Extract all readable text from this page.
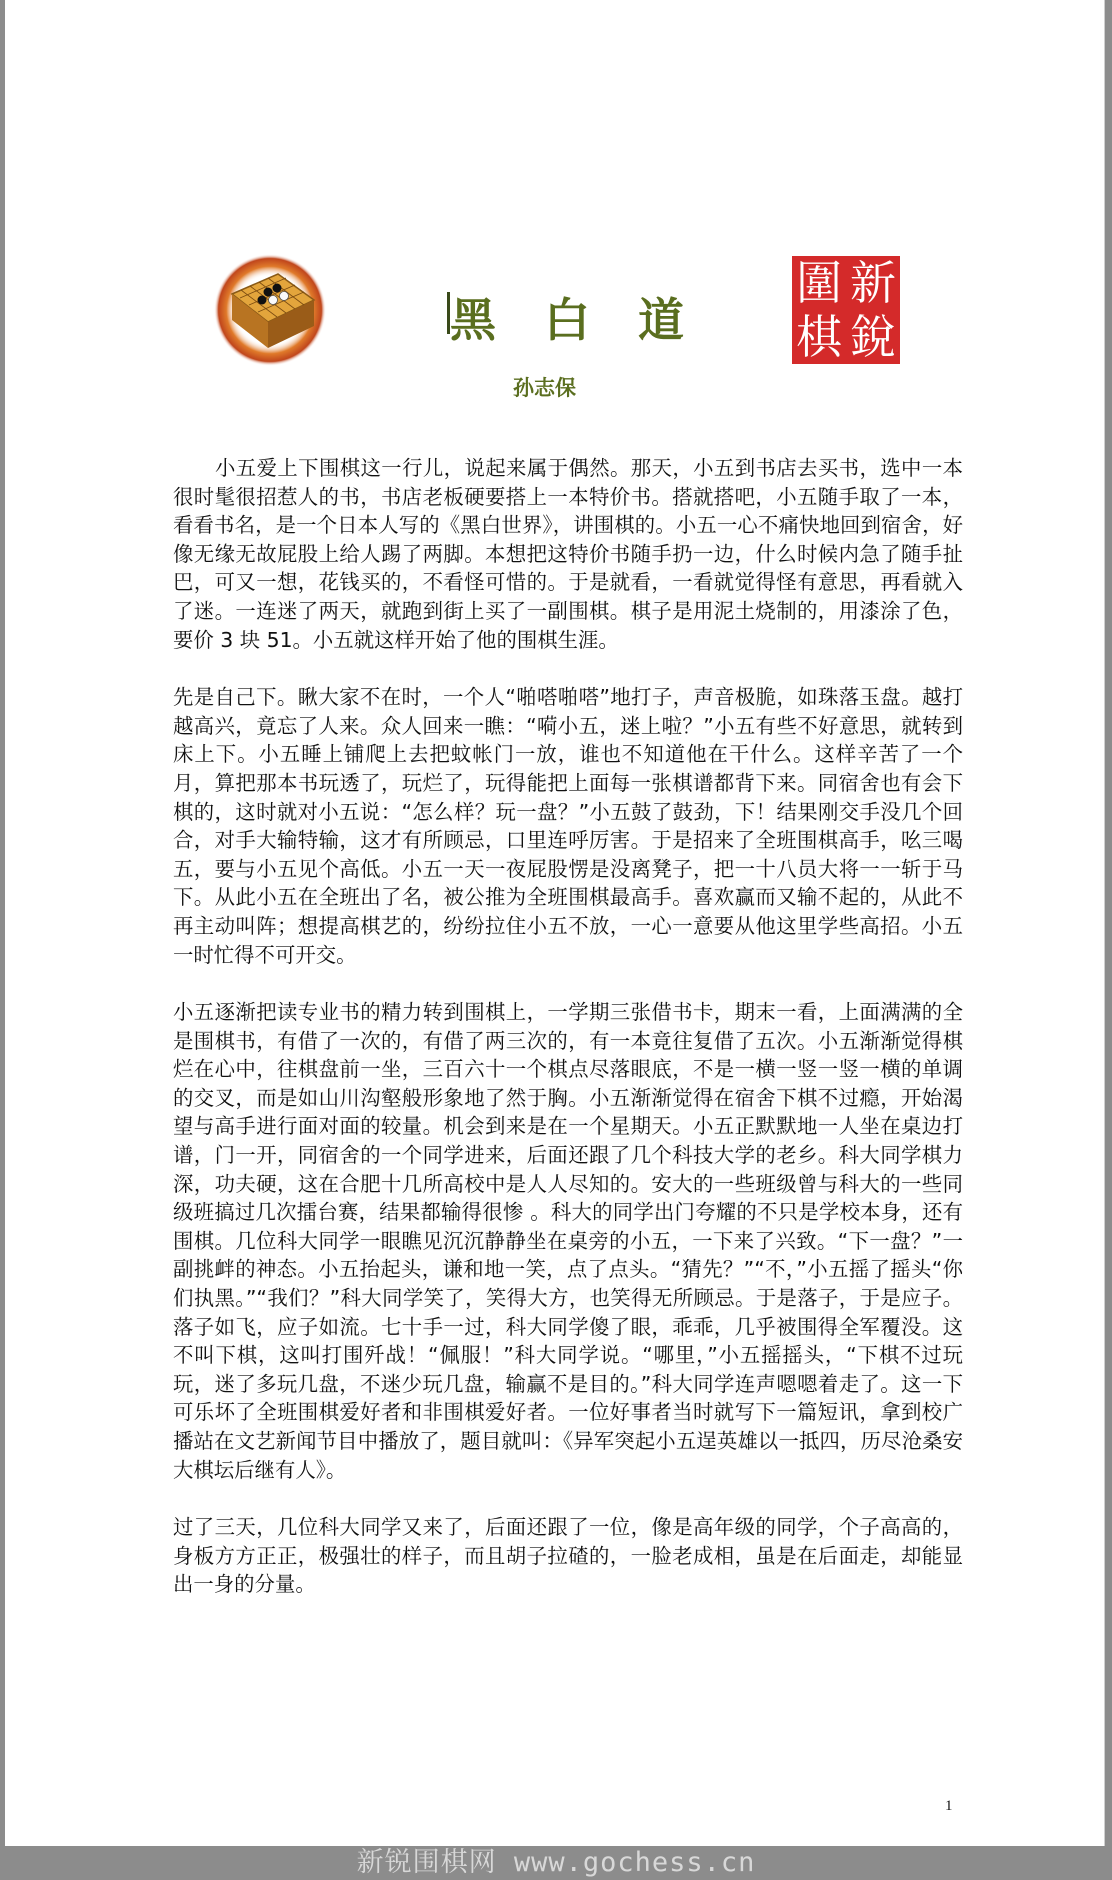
圍 新
棋 銳
黑 白 道
孙志保

小五爱上下围棋这一行儿，说起来属于偶然。那天，小五到书店去买书，选中一本很时髦很招惹人的书，书店老板硬要搭上一本特价书。搭就搭吧，小五随手取了一本，看看书名，是一个日本人写的《黑白世界》，讲围棋的。小五一心不痛快地回到宿舍，好像无缘无故屁股上给人踢了两脚。本想把这特价书随手扔一边，什么时候内急了随手扯巴，可又一想，花钱买的，不看怪可惜的。于是就看，一看就觉得怪有意思，再看就入了迷。一连迷了两天，就跑到街上买了一副围棋。棋子是用泥土烧制的，用漆涂了色，要价 3 块 51。小五就这样开始了他的围棋生涯。

先是自己下。瞅大家不在时，一个人“啪嗒啪嗒”地打子，声音极脆，如珠落玉盘。越打越高兴，竟忘了人来。众人回来一瞧：“嗬小五，迷上啦？”小五有些不好意思，就转到床上下。小五睡上铺爬上去把蚊帐门一放，谁也不知道他在干什么。这样辛苦了一个月，算把那本书玩透了，玩烂了，玩得能把上面每一张棋谱都背下来。同宿舍也有会下棋的，这时就对小五说：“怎么样？玩一盘？”小五鼓了鼓劲，下！结果刚交手没几个回合，对手大输特输，这才有所顾忌，口里连呼厉害。于是招来了全班围棋高手，吆三喝五，要与小五见个高低。小五一天一夜屁股愣是没离凳子，把一十八员大将一一斩于马下。从此小五在全班出了名，被公推为全班围棋最高手。喜欢赢而又输不起的，从此不再主动叫阵；想提高棋艺的，纷纷拉住小五不放，一心一意要从他这里学些高招。小五一时忙得不可开交。

小五逐渐把读专业书的精力转到围棋上，一学期三张借书卡，期末一看，上面满满的全是围棋书，有借了一次的，有借了两三次的，有一本竟往复借了五次。小五渐渐觉得棋烂在心中，往棋盘前一坐，三百六十一个棋点尽落眼底，不是一横一竖一竖一横的单调的交叉，而是如山川沟壑般形象地了然于胸。小五渐渐觉得在宿舍下棋不过瘾，开始渴望与高手进行面对面的较量。机会到来是在一个星期天。小五正默默地一人坐在桌边打谱，门一开，同宿舍的一个同学进来，后面还跟了几个科技大学的老乡。科大同学棋力深，功夫硬，这在合肥十几所高校中是人人尽知的。安大的一些班级曾与科大的一些同级班搞过几次擂台赛，结果都输得很惨 。科大的同学出门夸耀的不只是学校本身，还有围棋。几位科大同学一眼瞧见沉沉静静坐在桌旁的小五，一下来了兴致。“下一盘？”一副挑衅的神态。小五抬起头，谦和地一笑，点了点头。“猜先？”“不，”小五摇了摇头“你们执黑。”“我们？”科大同学笑了，笑得大方，也笑得无所顾忌。于是落子，于是应子。落子如飞，应子如流。七十手一过，科大同学傻了眼，乖乖，几乎被围得全军覆没。这不叫下棋，这叫打围歼战！“佩服！”科大同学说。“哪里，”小五摇摇头，“下棋不过玩玩，迷了多玩几盘，不迷少玩几盘，输赢不是目的。”科大同学连声嗯嗯着走了。这一下可乐坏了全班围棋爱好者和非围棋爱好者。一位好事者当时就写下一篇短讯，拿到校广播站在文艺新闻节目中播放了，题目就叫：《异军突起小五逞英雄以一抵四，历尽沧桑安大棋坛后继有人》。

过了三天，几位科大同学又来了，后面还跟了一位，像是高年级的同学，个子高高的，身板方方正正，极强壮的样子，而且胡子拉碴的，一脸老成相，虽是在后面走，却能显出一身的分量。

1
新锐围棋网 www.gochess.cn
